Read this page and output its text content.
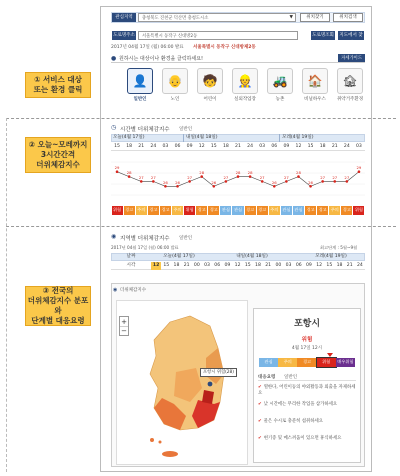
① 서비스 대상
또는 환경 클릭
② 오늘~모레까지
3시간간격
더위체감지수
③ 전국의
더위체감지수 분포와
단계별 대응요령
관심지역	충청북도 진천군 덕산면 충청도시소	▼	위치찾기	위치검색
도로명주소 서울특별시 동작구 신대방2동	도로명조회	지도에서 찾기
2017년 04월 17일 (월) 06:00 발표 서울특별시 동작구 신대방제2동
● 원하시는 대상이나 환경을 클릭하세요!	자세가이드
👤	👴	🧒	👷	🚜	🏠	🏚
일반인	노인	어린이	실외작업장	농촌	비닐하우스	취약거주환경
◷ 시간별 더위체감지수 일반인
오늘(4월 17일)	내일(4월 18일)	모레(4월 19일)
15	18	21	24	03	06	09	12	15	18	21	24	03	06	09	12	15	18	21	24	03
29
28
27 27
26 26
27
28
26
27
28 28
27
26
27
28
26
27 27 27
29
위험 경고 주의 경고 경고 주의 위험 경고 경고 관심 관심 경고 경고 주의 관심 관심 경고 경고 주의 경고 위험
◉ 지역별 더위체감지수 일반인
2017년 04월 17일 (월) 06:00 발표	최고단계 : 5월~9월
날짜	오늘(4월 17일)	내일(4월 18일)	모레(4월 19일)
시각	12 15 18 21 00 03 06 09 12 15 18 21 00 03 06 09 12 15 18 21 24
◉ 더위체감지수
+
−
포항시 위험(28)
포항시
위험
4월 17일 12시
관심	주의	경고	위험	매우위험
대응요령 일반인
✔ 열한다, 어린이등의 야외활동과 외출을 자제하세요
✔ 낮 시간에는 무리한 작업을 삼가하세요
✔ 물은 수시로 충분히 섭취하세요
✔ 현기증 및 메스꺼움이 있으면 휴식하세요
